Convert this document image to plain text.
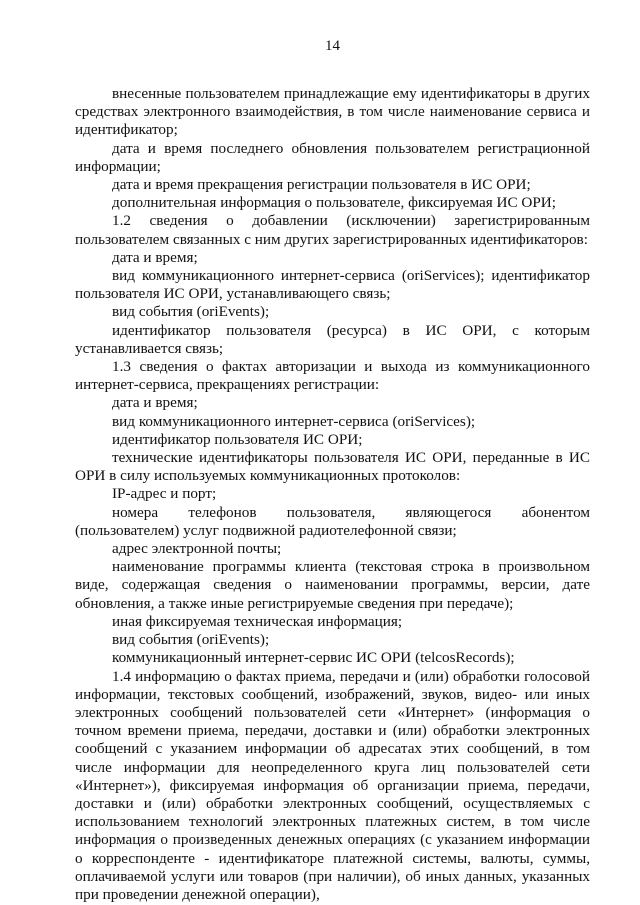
14

внесенные пользователем принадлежащие ему идентификаторы в других средствах электронного взаимодействия, в том числе наименование сервиса и идентификатор;

дата и время последнего обновления пользователем регистрационной информации;

дата и время прекращения регистрации пользователя в ИС ОРИ;

дополнительная информация о пользователе, фиксируемая ИС ОРИ;

1.2 сведения о добавлении (исключении) зарегистрированным пользователем связанных с ним других зарегистрированных идентификаторов:

дата и время;

вид коммуникационного интернет-сервиса (oriServices); идентификатор пользователя ИС ОРИ, устанавливающего связь;

вид события (oriEvents);

идентификатор пользователя (ресурса) в ИС ОРИ, с которым устанавливается связь;

1.3 сведения о фактах авторизации и выхода из коммуникационного интернет-сервиса, прекращениях регистрации:

дата и время;

вид коммуникационного интернет-сервиса (oriServices);

идентификатор пользователя ИС ОРИ;

технические идентификаторы пользователя ИС ОРИ, переданные в ИС ОРИ в силу используемых коммуникационных протоколов:

IP-адрес и порт;

номера телефонов пользователя, являющегося абонентом (пользователем) услуг подвижной радиотелефонной связи;

адрес электронной почты;

наименование программы клиента (текстовая строка в произвольном виде, содержащая сведения о наименовании программы, версии, дате обновления, а также иные регистрируемые сведения при передаче);

иная фиксируемая техническая информация;

вид события (oriEvents);

коммуникационный интернет-сервис ИС ОРИ (telcosRecords);

1.4 информацию о фактах приема, передачи и (или) обработки голосовой информации, текстовых сообщений, изображений, звуков, видео- или иных электронных сообщений пользователей сети «Интернет» (информация о точном времени приема, передачи, доставки и (или) обработки электронных сообщений с указанием информации об адресатах этих сообщений, в том числе информации для неопределенного круга лиц пользователей сети «Интернет»), фиксируемая информация об организации приема, передачи, доставки и (или) обработки электронных сообщений, осуществляемых с использованием технологий электронных платежных систем, в том числе информация о произведенных денежных операциях (с указанием информации о корреспонденте - идентификаторе платежной системы, валюты, суммы, оплачиваемой услуги или товаров (при наличии), об иных данных, указанных при проведении денежной операции),
